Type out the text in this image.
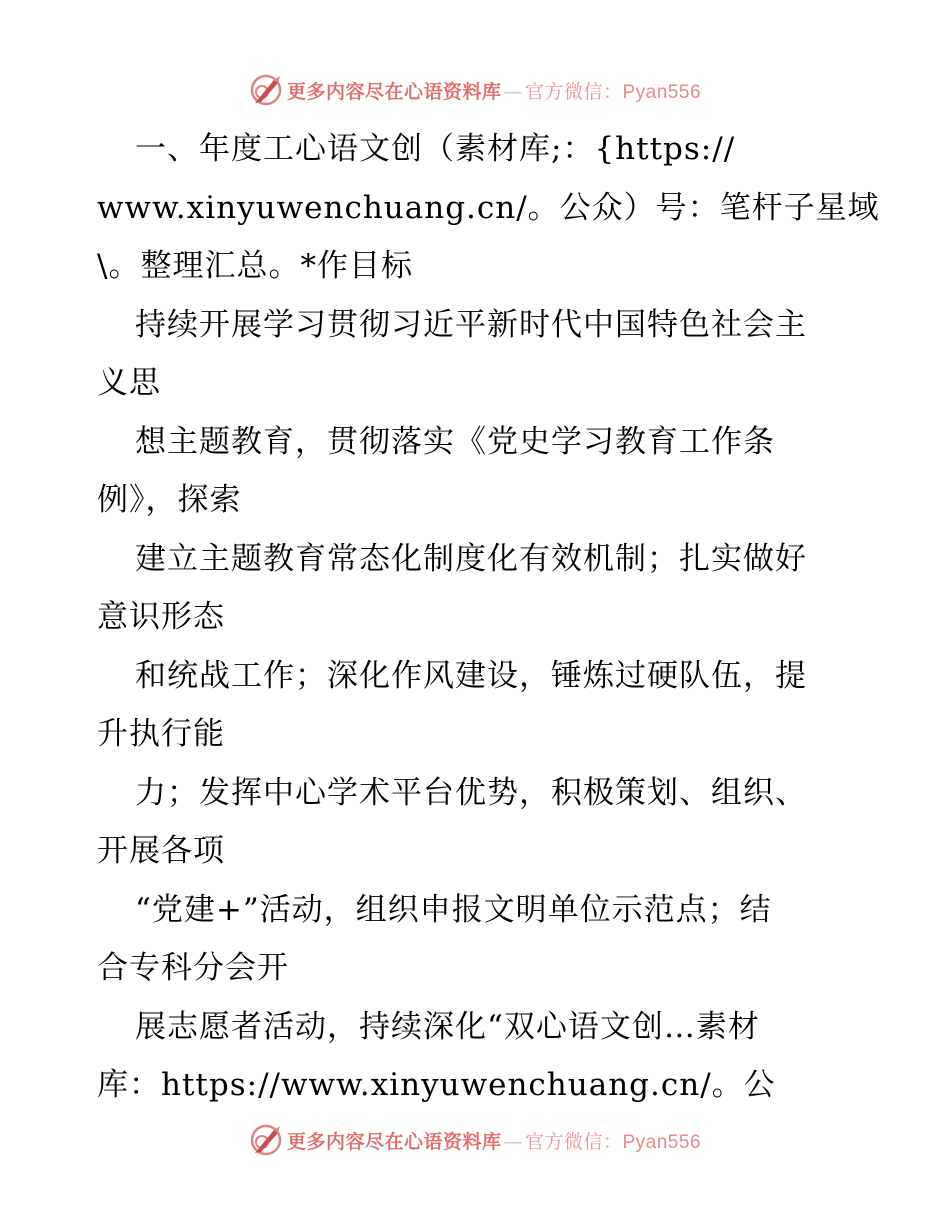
更多内容尽在心语资料库 — 官方微信：Pyan556
一、年度工心语文创（素材库;：{https://
www.xinyuwenchuang.cn/。公众）号：笔杆子星域
\。整理汇总。*作目标
持续开展学习贯彻习近平新时代中国特色社会主
义思
想主题教育，贯彻落实《党史学习教育工作条
例》，探索
建立主题教育常态化制度化有效机制；扎实做好
意识形态
和统战工作；深化作风建设，锤炼过硬队伍，提
升执行能
力；发挥中心学术平台优势，积极策划、组织、
开展各项
“党建+”活动，组织申报文明单位示范点；结
合专科分会开
展志愿者活动，持续深化“双心语文创…素材
库：https://www.xinyuwenchuang.cn/。公
更多内容尽在心语资料库 — 官方微信：Pyan556
